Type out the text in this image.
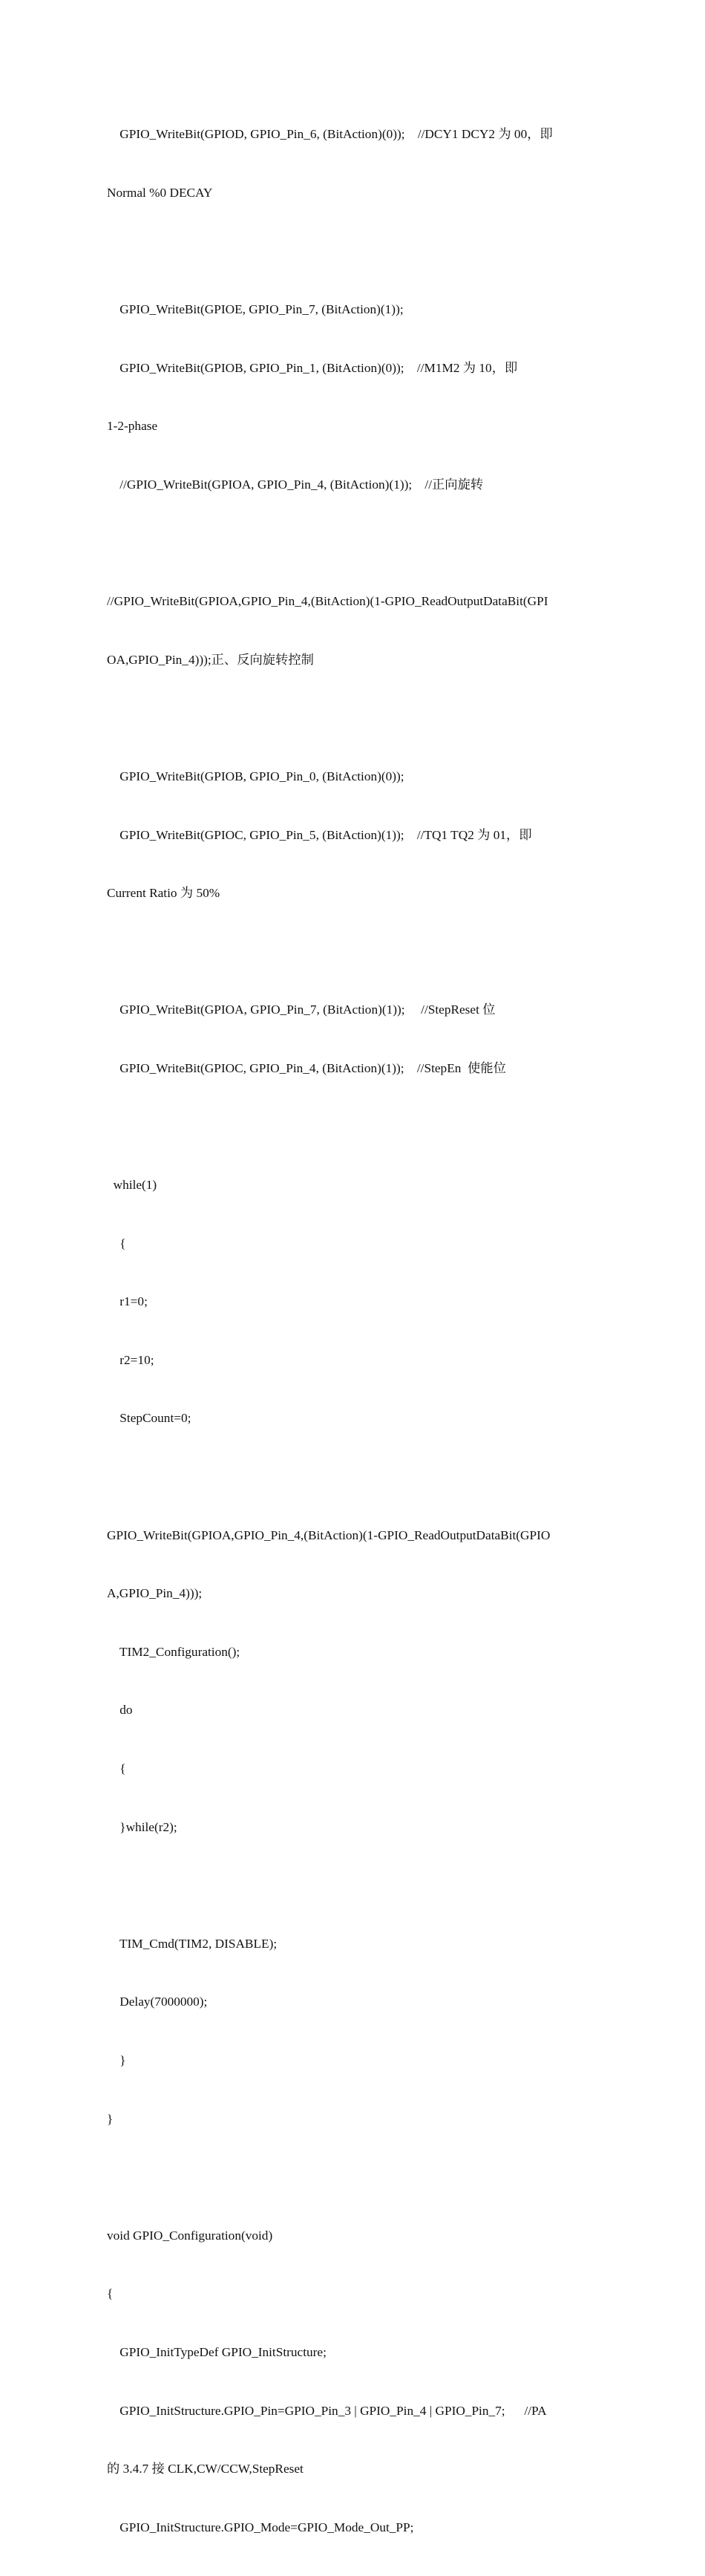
GPIO_WriteBit(GPIOD, GPIO_Pin_6, (BitAction)(0));    //DCY1 DCY2 为 00，即

Normal %0 DECAY

GPIO_WriteBit(GPIOE, GPIO_Pin_7, (BitAction)(1));

GPIO_WriteBit(GPIOB, GPIO_Pin_1, (BitAction)(0));    //M1M2 为 10，即

1-2-phase

//GPIO_WriteBit(GPIOA, GPIO_Pin_4, (BitAction)(1));    //正向旋转

//GPIO_WriteBit(GPIOA,GPIO_Pin_4,(BitAction)(1-GPIO_ReadOutputDataBit(GPI

OA,GPIO_Pin_4)));正、反向旋转控制

GPIO_WriteBit(GPIOB, GPIO_Pin_0, (BitAction)(0));

GPIO_WriteBit(GPIOC, GPIO_Pin_5, (BitAction)(1));    //TQ1 TQ2 为 01，即

Current Ratio 为 50%

GPIO_WriteBit(GPIOA, GPIO_Pin_7, (BitAction)(1));     //StepReset 位

GPIO_WriteBit(GPIOC, GPIO_Pin_4, (BitAction)(1));    //StepEn  使能位

while(1)

{

r1=0;

r2=10;

StepCount=0;

GPIO_WriteBit(GPIOA,GPIO_Pin_4,(BitAction)(1-GPIO_ReadOutputDataBit(GPIO

A,GPIO_Pin_4)));

TIM2_Configuration();

do

{

}while(r2);

TIM_Cmd(TIM2, DISABLE);

Delay(7000000);

}

}

void GPIO_Configuration(void)

{

GPIO_InitTypeDef GPIO_InitStructure;

GPIO_InitStructure.GPIO_Pin=GPIO_Pin_3 | GPIO_Pin_4 | GPIO_Pin_7;      //PA

的 3.4.7 接 CLK,CW/CCW,StepReset

GPIO_InitStructure.GPIO_Mode=GPIO_Mode_Out_PP;
